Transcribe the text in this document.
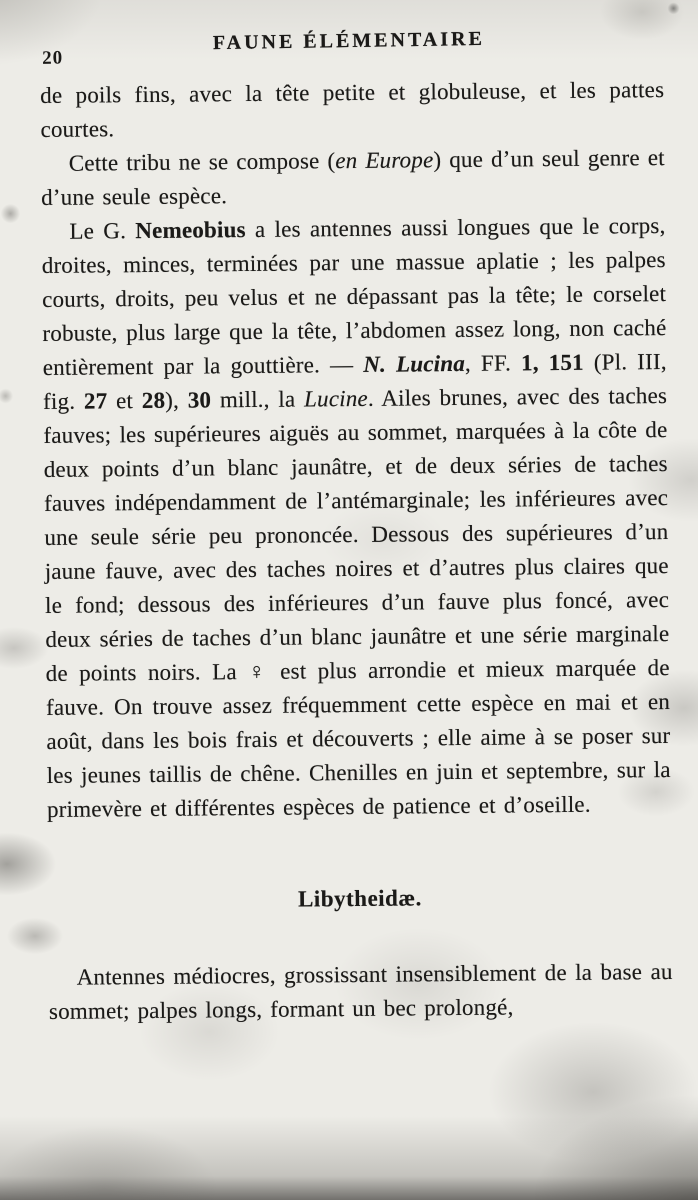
20
FAUNE ÉLÉMENTAIRE

de poils fins, avec la tête petite et globuleuse, et les pattes courtes.

Cette tribu ne se compose (en Europe) que d’un seul genre et d’une seule espèce.

Le G. Nemeobius a les antennes aussi longues que le corps, droites, minces, terminées par une massue aplatie ; les palpes courts, droits, peu velus et ne dépassant pas la tête; le corselet robuste, plus large que la tête, l’abdomen assez long, non caché entièrement par la gouttière. — N. Lucina, FF. 1, 151 (Pl. III, fig. 27 et 28), 30 mill., la Lucine. Ailes brunes, avec des taches fauves; les supérieures aiguës au sommet, marquées à la côte de deux points d’un blanc jaunâtre, et de deux séries de taches fauves indépendamment de l’antémarginale; les inférieures avec une seule série peu prononcée. Dessous des supérieures d’un jaune fauve, avec des taches noires et d’autres plus claires que le fond; dessous des inférieures d’un fauve plus foncé, avec deux séries de taches d’un blanc jaunâtre et une série marginale de points noirs. La ♀ est plus arrondie et mieux marquée de fauve. On trouve assez fréquemment cette espèce en mai et en août, dans les bois frais et découverts ; elle aime à se poser sur les jeunes taillis de chêne. Chenilles en juin et septembre, sur la primevère et différentes espèces de patience et d’oseille.

Libytheidæ.

Antennes médiocres, grossissant insensiblement de la base au sommet; palpes longs, formant un bec prolongé,
